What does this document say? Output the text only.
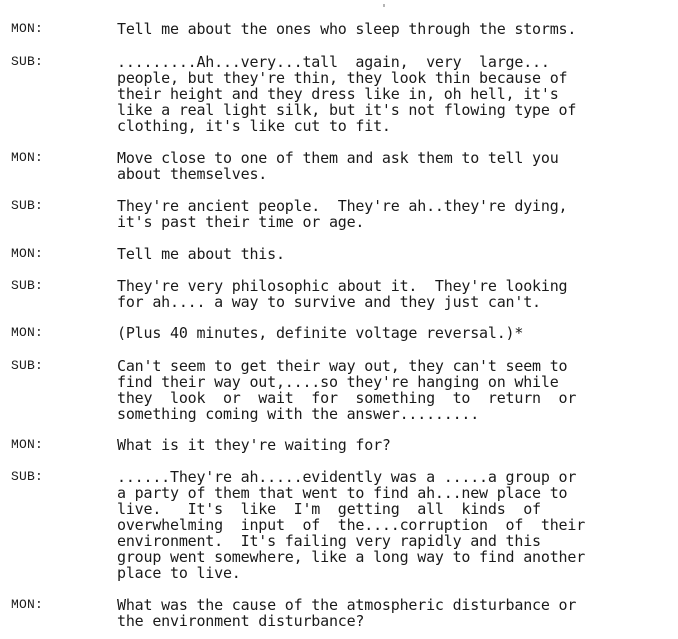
MON:	Tell me about the ones who sleep through the storms.
SUB:	.........Ah...very...tall  again,  very  large...
people, but they're thin, they look thin because of
their height and they dress like in, oh hell, it's
like a real light silk, but it's not flowing type of
clothing, it's like cut to fit.
MON:	Move close to one of them and ask them to tell you
about themselves.
SUB:	They're ancient people.  They're ah..they're dying,
it's past their time or age.
MON:	Tell me about this.
SUB:	They're very philosophic about it.  They're looking
for ah.... a way to survive and they just can't.
MON:	(Plus 40 minutes, definite voltage reversal.)*
SUB:	Can't seem to get their way out, they can't seem to
find their way out,....so they're hanging on while
they  look  or  wait  for  something  to  return  or
something coming with the answer.........
MON:	What is it they're waiting for?
SUB:	......They're ah.....evidently was a .....a group or
a party of them that went to find ah...new place to
live.   It's  like  I'm  getting  all  kinds  of
overwhelming  input  of  the....corruption  of  their
environment.  It's failing very rapidly and this
group went somewhere, like a long way to find another
place to live.
MON:	What was the cause of the atmospheric disturbance or
the environment disturbance?
